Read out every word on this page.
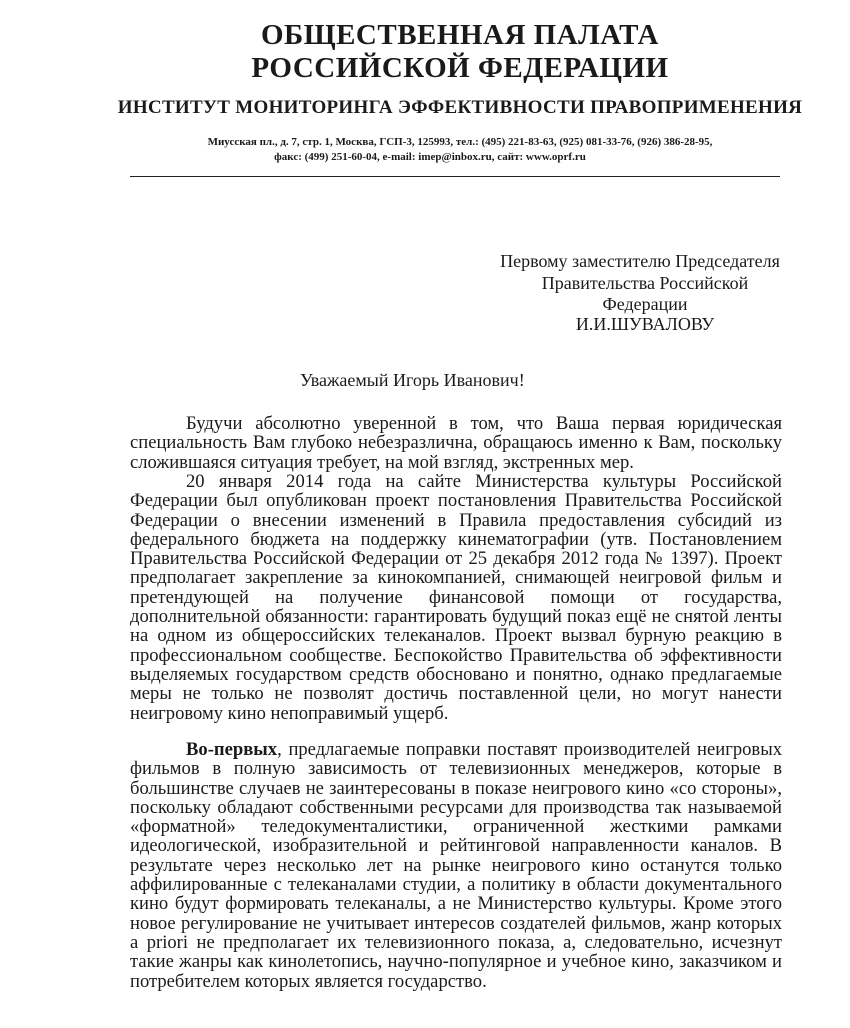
ОБЩЕСТВЕННАЯ ПАЛАТА
РОССИЙСКОЙ ФЕДЕРАЦИИ
ИНСТИТУТ МОНИТОРИНГА ЭФФЕКТИВНОСТИ ПРАВОПРИМЕНЕНИЯ
Миусская пл., д. 7, стр. 1, Москва, ГСП-3, 125993, тел.: (495) 221-83-63, (925) 081-33-76, (926) 386-28-95,
факс: (499) 251-60-04, e-mail: imep@inbox.ru, сайт: www.oprf.ru
Первому заместителю Председателя
Правительства Российской
Федерации
И.И.ШУВАЛОВУ
Уважаемый Игорь Иванович!
Будучи абсолютно уверенной в том, что Ваша первая юридическая специальность Вам глубоко небезразлична, обращаюсь именно к Вам, поскольку сложившаяся ситуация требует, на мой взгляд, экстренных мер.
20 января 2014 года на сайте Министерства культуры Российской Федерации был опубликован проект постановления Правительства Российской Федерации о внесении изменений в Правила предоставления субсидий из федерального бюджета на поддержку кинематографии (утв. Постановлением Правительства Российской Федерации от 25 декабря 2012 года № 1397). Проект предполагает закрепление за кинокомпанией, снимающей неигровой фильм и претендующей на получение финансовой помощи от государства, дополнительной обязанности: гарантировать будущий показ ещё не снятой ленты на одном из общероссийских телеканалов. Проект вызвал бурную реакцию в профессиональном сообществе. Беспокойство Правительства об эффективности выделяемых государством средств обосновано и понятно, однако предлагаемые меры не только не позволят достичь поставленной цели, но могут нанести неигровому кино непоправимый ущерб.
Во-первых, предлагаемые поправки поставят производителей неигровых фильмов в полную зависимость от телевизионных менеджеров, которые в большинстве случаев не заинтересованы в показе неигрового кино «со стороны», поскольку обладают собственными ресурсами для производства так называемой «форматной» теледокументалистики, ограниченной жесткими рамками идеологической, изобразительной и рейтинговой направленности каналов. В результате через несколько лет на рынке неигрового кино останутся только аффилированные с телеканалами студии, а политику в области документального кино будут формировать телеканалы, а не Министерство культуры. Кроме этого новое регулирование не учитывает интересов создателей фильмов, жанр которых a priori не предполагает их телевизионного показа, а, следовательно, исчезнут такие жанры как кинолетопись, научно-популярное и учебное кино, заказчиком и потребителем которых является государство.
